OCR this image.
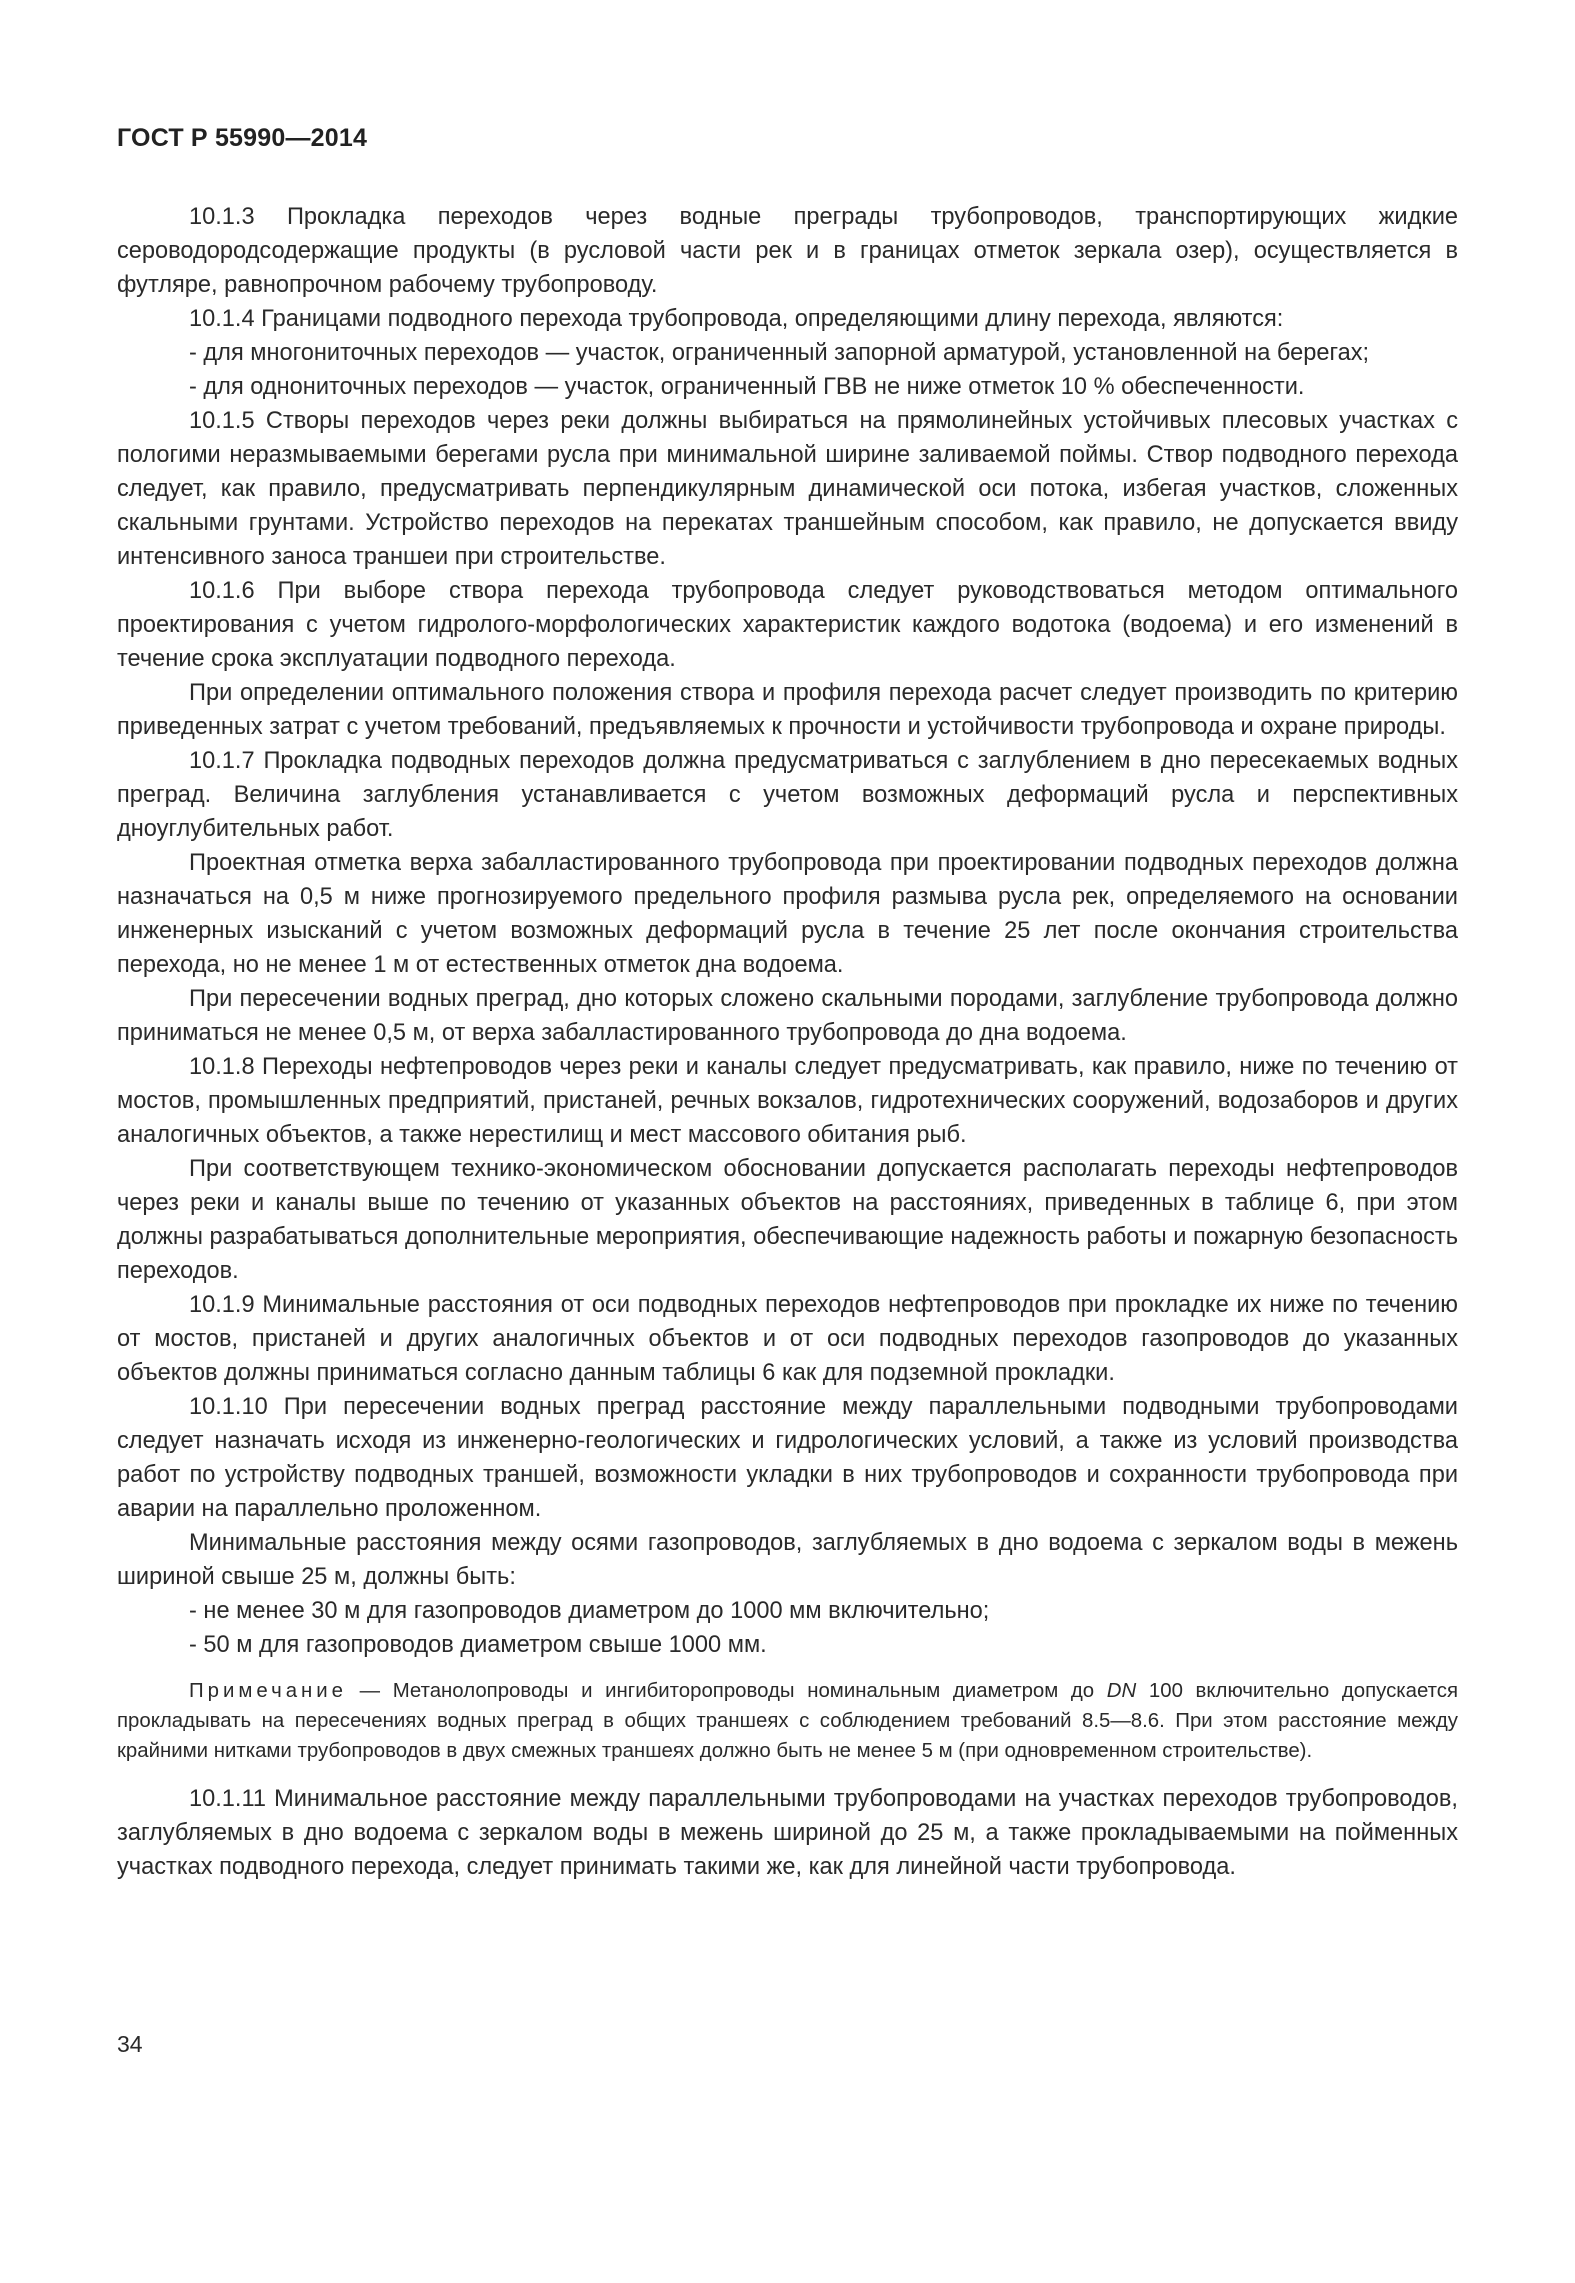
ГОСТ Р 55990—2014

10.1.3 Прокладка переходов через водные преграды трубопроводов, транспортирующих жидкие сероводородсодержащие продукты (в русловой части рек и в границах отметок зеркала озер), осуществляется в футляре, равнопрочном рабочему трубопроводу.

10.1.4 Границами подводного перехода трубопровода, определяющими длину перехода, являются:

- для многониточных переходов — участок, ограниченный запорной арматурой, установленной на берегах;

- для однониточных переходов — участок, ограниченный ГВВ не ниже отметок 10 % обеспеченности.

10.1.5 Створы переходов через реки должны выбираться на прямолинейных устойчивых плесовых участках с пологими неразмываемыми берегами русла при минимальной ширине заливаемой поймы. Створ подводного перехода следует, как правило, предусматривать перпендикулярным динамической оси потока, избегая участков, сложенных скальными грунтами. Устройство переходов на перекатах траншейным способом, как правило, не допускается ввиду интенсивного заноса траншеи при строительстве.

10.1.6 При выборе створа перехода трубопровода следует руководствоваться методом оптимального проектирования с учетом гидролого-морфологических характеристик каждого водотока (водоема) и его изменений в течение срока эксплуатации подводного перехода.

При определении оптимального положения створа и профиля перехода расчет следует производить по критерию приведенных затрат с учетом требований, предъявляемых к прочности и устойчивости трубопровода и охране природы.

10.1.7 Прокладка подводных переходов должна предусматриваться с заглублением в дно пересекаемых водных преград. Величина заглубления устанавливается с учетом возможных деформаций русла и перспективных дноуглубительных работ.

Проектная отметка верха забалластированного трубопровода при проектировании подводных переходов должна назначаться на 0,5 м ниже прогнозируемого предельного профиля размыва русла рек, определяемого на основании инженерных изысканий с учетом возможных деформаций русла в течение 25 лет после окончания строительства перехода, но не менее 1 м от естественных отметок дна водоема.

При пересечении водных преград, дно которых сложено скальными породами, заглубление трубопровода должно приниматься не менее 0,5 м, от верха забалластированного трубопровода до дна водоема.

10.1.8 Переходы нефтепроводов через реки и каналы следует предусматривать, как правило, ниже по течению от мостов, промышленных предприятий, пристаней, речных вокзалов, гидротехнических сооружений, водозаборов и других аналогичных объектов, а также нерестилищ и мест массового обитания рыб.

При соответствующем технико-экономическом обосновании допускается располагать переходы нефтепроводов через реки и каналы выше по течению от указанных объектов на расстояниях, приведенных в таблице 6, при этом должны разрабатываться дополнительные мероприятия, обеспечивающие надежность работы и пожарную безопасность переходов.

10.1.9 Минимальные расстояния от оси подводных переходов нефтепроводов при прокладке их ниже по течению от мостов, пристаней и других аналогичных объектов и от оси подводных переходов газопроводов до указанных объектов должны приниматься согласно данным таблицы 6 как для подземной прокладки.

10.1.10 При пересечении водных преград расстояние между параллельными подводными трубопроводами следует назначать исходя из инженерно-геологических и гидрологических условий, а также из условий производства работ по устройству подводных траншей, возможности укладки в них трубопроводов и сохранности трубопровода при аварии на параллельно проложенном.

Минимальные расстояния между осями газопроводов, заглубляемых в дно водоема с зеркалом воды в межень шириной свыше 25 м, должны быть:

- не менее 30 м для газопроводов диаметром до 1000 мм включительно;

- 50 м для газопроводов диаметром свыше 1000 мм.

Примечание — Метанолопроводы и ингибиторопроводы номинальным диаметром до DN 100 включительно допускается прокладывать на пересечениях водных преград в общих траншеях с соблюдением требований 8.5—8.6. При этом расстояние между крайними нитками трубопроводов в двух смежных траншеях должно быть не менее 5 м (при одновременном строительстве).

10.1.11 Минимальное расстояние между параллельными трубопроводами на участках переходов трубопроводов, заглубляемых в дно водоема с зеркалом воды в межень шириной до 25 м, а также прокладываемыми на пойменных участках подводного перехода, следует принимать такими же, как для линейной части трубопровода.

34
